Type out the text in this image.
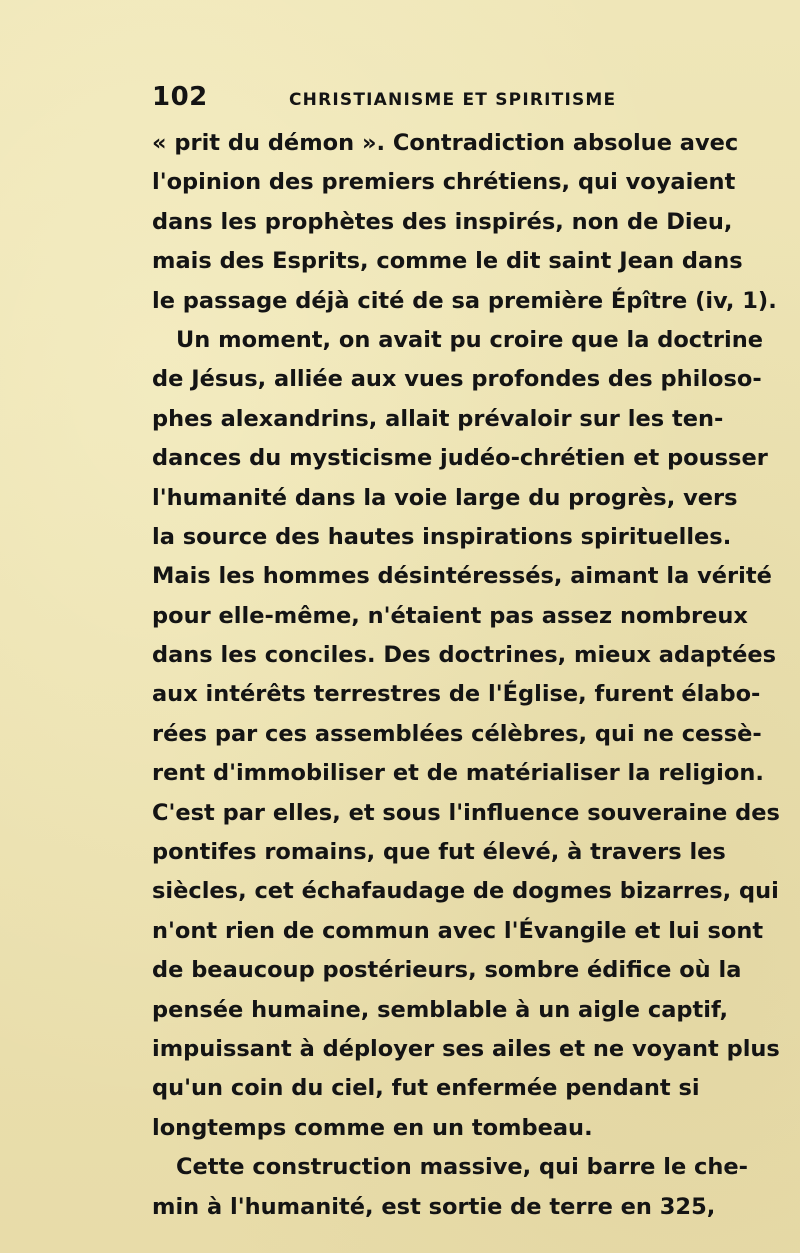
102	CHRISTIANISME ET SPIRITISME
« prit du démon ». Contradiction absolue avec
l'opinion des premiers chrétiens, qui voyaient
dans les prophètes des inspirés, non de Dieu,
mais des Esprits, comme le dit saint Jean dans
le passage déjà cité de sa première Épître (iv, 1).
Un moment, on avait pu croire que la doctrine
de Jésus, alliée aux vues profondes des philoso-
phes alexandrins, allait prévaloir sur les ten-
dances du mysticisme judéo-chrétien et pousser
l'humanité dans la voie large du progrès, vers
la source des hautes inspirations spirituelles.
Mais les hommes désintéressés, aimant la vérité
pour elle-même, n'étaient pas assez nombreux
dans les conciles. Des doctrines, mieux adaptées
aux intérêts terrestres de l'Église, furent élabo-
rées par ces assemblées célèbres, qui ne cessè-
rent d'immobiliser et de matérialiser la religion.
C'est par elles, et sous l'influence souveraine des
pontifes romains, que fut élevé, à travers les
siècles, cet échafaudage de dogmes bizarres, qui
n'ont rien de commun avec l'Évangile et lui sont
de beaucoup postérieurs, sombre édifice où la
pensée humaine, semblable à un aigle captif,
impuissant à déployer ses ailes et ne voyant plus
qu'un coin du ciel, fut enfermée pendant si
longtemps comme en un tombeau.
Cette construction massive, qui barre le che-
min à l'humanité, est sortie de terre en 325,
